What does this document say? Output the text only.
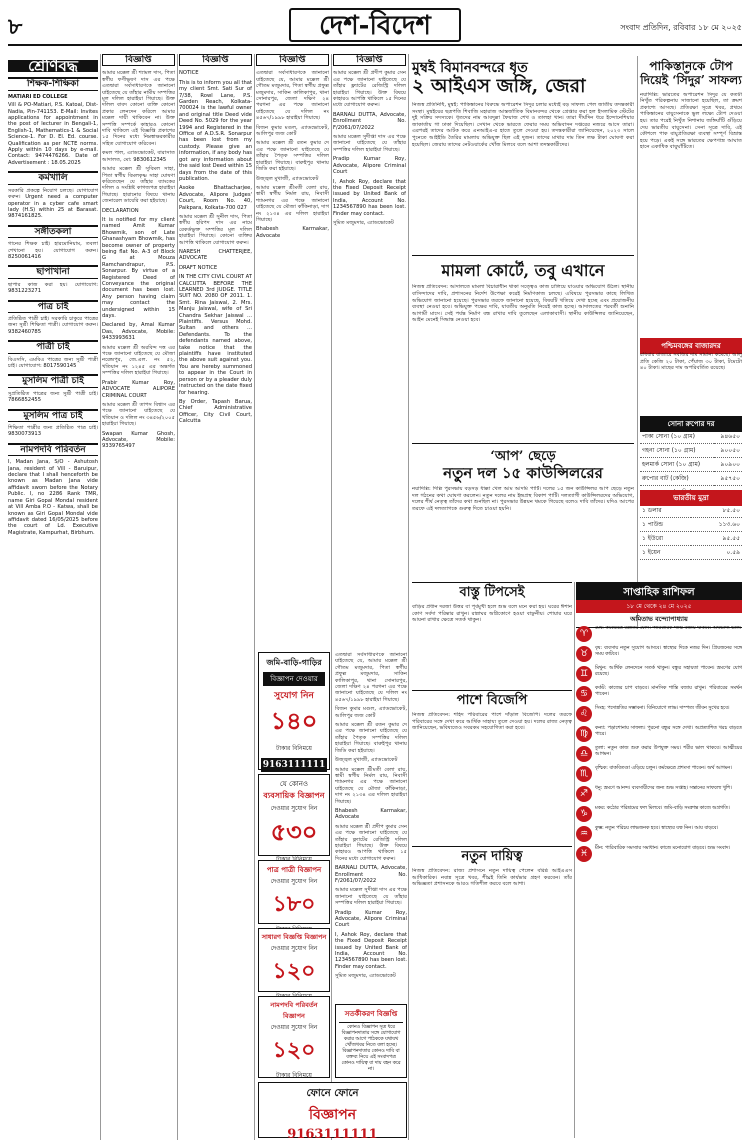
৮	দেশ-বিদেশ	সংবাদ প্রতিদিন, রবিবার ১৮ মে ২০২৫
শ্রেণিবদ্ধ
শিক্ষক-শিক্ষিকা
MATIARI ED COLLEGE

Vill & PO-Matiari, P.S. Katoal, Dist- Nadia, Pin-741153. E-Mail: Invites applications for appointment in the post of lecturer in Bengali-1, English-1, Mathematics-1 & Social Science-1. For D. El. Ed. course. Qualification as per NCTE norms. Apply within 10 days by e-mail. Contact: 9474476266. Date of Advertisement : 18.05.2025

কর্মখালি

সরকারি প্রকল্পে নিয়োগ চলছে। যোগাযোগ করুন। Urgent need a computer operator in a cyber cafe smart lady (H.S) within 25 at Barasat. 9874161825.

সঙ্গীতকলা

গানের শিক্ষক চাই। হারমোনিয়াম, তবলা শেখানো হয়। যোগাযোগ করুন। 8250061416

ছাপাখানা

ছাপার কাজ করা হয়। যোগাযোগ: 9831223271

পাত্র চাই

প্রতিষ্ঠিত পাত্রী চাই। সরকারি চাকুরে পাত্রের জন্য সুশ্রী শিক্ষিতা পাত্রী। যোগাযোগ করুন। 9382460785

পাত্রী চাই

বিএসসি, এমবিএ পাত্রের জন্য সুশ্রী পাত্রী চাই। যোগাযোগ: 8017590145

মুসলিম পাত্রী চাই

সুপ্রতিষ্ঠিত পাত্রের জন্য সুশ্রী পাত্রী চাই। 7866852455

মুসলিম পাত্র চাই

শিক্ষিতা পাত্রীর জন্য প্রতিষ্ঠিত পাত্র চাই। 9830073913

নামপদবি পরিবর্তন

I, Madan Jana, S/O - Ashutosh Jana, resident of Vill - Baruipur, declare that I shall henceforth be known as Madan Jana vide affidavit sworn before the Notary Public. I, no 2286 Rank TMR, name Giri Gopal Mondal resident at Vill Amba P.O - Katwa, shall be known as Giri Gopal Mondal vide affidavit dated 16/05/2025 before the court of Ld. Executive Magistrate, Kampurhat, Birbhum.

বিজ্ঞপ্তি

আমার মক্কেল শ্রী শ্যামল দাস, পিতা স্বর্গীয় ফণীভূষণ দাস এর পক্ষে এতদ্বারা সর্বসাধারণকে জানানো যাইতেছে যে তাঁহার নামীয় সম্পত্তির মূল দলিল হারাইয়া গিয়াছে। উক্ত দলিল বাবদ কোনো ব্যক্তি কোনো প্রকার লেনদেন করিলে আমার মক্কেল দায়ী থাকিবেন না। উক্ত সম্পত্তি সম্পর্কে কাহারও কোনো দাবি থাকিলে এই বিজ্ঞপ্তি প্রকাশের ১৫ দিনের মধ্যে নিম্নস্বাক্ষরকারীর সহিত যোগাযোগ করিবেন।

কমল পাল, এ্যাডভোকেট, বারাসাত আদালত, মো: 9830612345

আমার মক্কেল শ্রী সুবিমল সাহা, পিতা স্বর্গীয় বিমলকৃষ্ণ সাহা ঘোষণা করিতেছেন যে তাঁহার ব্যাংকের দলিল ও সংশ্লিষ্ট কাগজপত্র হারাইয়া গিয়াছে। হারানোর বিষয়ে থানায় জেনারেল ডায়েরি করা হইয়াছে।

DECLARATION

It is notified for my client named Amit Kumar Bhowmik, son of Late Ghanashyam Bhowmik, has become owner of property being flat No. A-3 of Block G at Mouza Ramchandrapur, P.S. Sonarpur. By virtue of a Registered Deed of Conveyance the original document has been lost. Any person having claim may contact the undersigned within 15 days.

Declared by, Amal Kumar Das, Advocate, Mobile: 9433993631

আমার মক্কেল শ্রী অরবিন্দ দত্ত এর পক্ষে জানানো যাইতেছে যে মৌজা নরেন্দ্রপুর, জে.এল. নং ৫২, খতিয়ান নং ১২৪৫ এর অন্তর্গত সম্পত্তির দলিল হারাইয়া গিয়াছে।

Prabir Kumar Roy, ADVOCATE ALIPORE CRIMINAL COURT

আমার মক্কেল শ্রী তাপস বিশ্বাস এর পক্ষে জানানো যাইতেছে যে খতিয়ান ও দলিল নং ৩৪৫৬/২০০৫ হারাইয়া গিয়াছে।

Swapan Kumar Ghosh, Advocate, Mobile: 9339765497

বিজ্ঞপ্তি

NOTICE

This is to inform you all that my client Smt. Sati Sur of 7/38, Rowl Lane, P.S. Garden Reach, Kolkata-700024 is the lawful owner and original title Deed vide Deed No. 5029 for the year 1994 and Registered in the Office of A.D.S.R. Sonarpur has been lost from my custody. Please give an information, if any body has got any information about the said lost Deed within 15 days from the date of this publication.

Asoke Bhattacharjee, Advocate, Alipore Judges' Court, Room No. 40, Paikpara, Kolkata-700 027

আমার মক্কেল শ্রী সুনীল দাস, পিতা স্বর্গীয় হরিপদ দাস এর নামে রেকর্ডভুক্ত সম্পত্তির মূল দলিল হারাইয়া গিয়াছে। কোনো ব্যক্তির আপত্তি থাকিলে যোগাযোগ করুন।

NARESH CHATTERJEE, ADVOCATE

DRAFT NOTICE

IN THE CITY CIVIL COURT AT CALCUTTA BEFORE THE LEARNED 3rd JUDGE. TITLE SUIT NO. 2080 OF 2011. 1. Smt. Rina Jaiswal, 2. Mrs. Manju Jaiswal, wife of Sri Chandra Sekhar Jaiswal ... Plaintiffs. Versus Mohd. Sultan and others ... Defendants. To the defendants named above, take notice that the plaintiffs have instituted the above suit against you. You are hereby summoned to appear in the Court in person or by a pleader duly instructed on the date fixed for hearing.

By Order, Tapash Barua, Chief Administrative Officer, City Civil Court, Calcutta

বিজ্ঞপ্তি

এতদ্বারা সর্বসাধারণকে জানানো যাইতেছে যে, আমার মক্কেল শ্রী গৌতম মজুমদার, পিতা স্বর্গীয় প্রফুল্ল মজুমদার, সাকিন কালিকাপুর, থানা সোনারপুর, জেলা দক্ষিণ ২৪ পরগনা এর পক্ষে জানানো যাইতেছে যে দলিল নং ৪৫৬৭/১৯৯৮ হারাইয়া গিয়াছে।

বিজন কুমার মণ্ডল, এ্যাডভোকেট, আলিপুর জজ কোর্ট

আমার মক্কেল শ্রী রতন কুমার দে এর পক্ষে জানানো যাইতেছে যে তাঁহার পৈতৃক সম্পত্তির দলিল হারাইয়া গিয়াছে। বারুইপুর থানায় জিডি করা হইয়াছে।

উজ্জ্বল মুখার্জী, এ্যাডভোকেট

আমার মক্কেল শ্রীমতী বেলা রায়, স্বামী স্বর্গীয় নির্মল রায়, নিবাসী শ্যামনগর এর পক্ষে জানানো যাইতেছে যে মৌজা কাঁকিনাড়া, দাগ নং ২১৩৪ এর দলিল হারাইয়া গিয়াছে।

Bhabesh Karmakar, Advocate

বিজ্ঞপ্তি

আমার মক্কেল শ্রী প্রদীপ কুমার সেন এর পক্ষে জানানো যাইতেছে যে তাঁহার ফ্ল্যাটের রেজিস্ট্রি দলিল হারাইয়া গিয়াছে। উক্ত বিষয়ে কাহারও আপত্তি থাকিলে ১৫ দিনের মধ্যে যোগাযোগ করুন।

BARNALI DUTTA, Advocate, Enrollment No. F/2061/07/2022

আমার মক্কেল সুদীপ্তা দাস এর পক্ষে জানানো যাইতেছে যে তাঁহার সম্পত্তির দলিল হারাইয়া গিয়াছে।

Pradip Kumar Roy, Advocate, Alipore Criminal Court

I, Ashok Roy, declare that the Fixed Deposit Receipt issued by United Bank of India, Account No. 1234567890 has been lost. Finder may contact.

সুমিত মজুমদার, এ্যাডভোকেট

জমি-বাড়ি-গাড়ির
বিজ্ঞাপন দেওয়ার
সুযোগ নিন
১৪০
টাকার বিনিময়ে
9163111111
যে কোনও
ব্যবসায়িক বিজ্ঞাপন
দেওয়ার সুযোগ নিন
৫৩০
পাত্র পাত্রী বিজ্ঞাপন
দেওয়ার সুযোগ নিন
১৮০
সাধারণ বিজ্ঞপ্তি বিজ্ঞাপন
দেওয়ার সুযোগ নিন
১২০
নামপদবি পরিবর্তন বিজ্ঞাপন
দেওয়ার সুযোগ নিন
১২০
টাকার বিনিময়ে
সতর্কীকরণ বিজ্ঞপ্তি
কোনও বিজ্ঞাপন সূত্র ধরে বিজ্ঞাপনদাতার সঙ্গে যোগাযোগ করার আগে পাঠককে যথাযথ খোঁজখবর নিতে বলা হচ্ছে। বিজ্ঞাপনদাতার কোনও দাবি বা বক্তব্য নিয়ে এই সংবাদপত্র কোনও দায়িত্ব বা দায় বহন করে না।
ফোনে ফোনে
বিজ্ঞাপন
9163111111

এতদ্বারা সর্বসাধারণকে জানানো যাইতেছে যে, আমার মক্কেল শ্রী গৌতম মজুমদার, পিতা স্বর্গীয় প্রফুল্ল মজুমদার, সাকিন কালিকাপুর, থানা সোনারপুর, জেলা দক্ষিণ ২৪ পরগনা এর পক্ষে জানানো যাইতেছে যে দলিল নং ৪৫৬৭/১৯৯৮ হারাইয়া গিয়াছে।

বিজন কুমার মণ্ডল, এ্যাডভোকেট, আলিপুর জজ কোর্ট

আমার মক্কেল শ্রী রতন কুমার দে এর পক্ষে জানানো যাইতেছে যে তাঁহার পৈতৃক সম্পত্তির দলিল হারাইয়া গিয়াছে। বারুইপুর থানায় জিডি করা হইয়াছে।

উজ্জ্বল মুখার্জী, এ্যাডভোকেট

আমার মক্কেল শ্রীমতী বেলা রায়, স্বামী স্বর্গীয় নির্মল রায়, নিবাসী শ্যামনগর এর পক্ষে জানানো যাইতেছে যে মৌজা কাঁকিনাড়া, দাগ নং ২১৩৪ এর দলিল হারাইয়া গিয়াছে।

Bhabesh Karmakar, Advocate

আমার মক্কেল শ্রী প্রদীপ কুমার সেন এর পক্ষে জানানো যাইতেছে যে তাঁহার ফ্ল্যাটের রেজিস্ট্রি দলিল হারাইয়া গিয়াছে। উক্ত বিষয়ে কাহারও আপত্তি থাকিলে ১৫ দিনের মধ্যে যোগাযোগ করুন।

BARNALI DUTTA, Advocate, Enrollment No. F/2061/07/2022

আমার মক্কেল সুদীপ্তা দাস এর পক্ষে জানানো যাইতেছে যে তাঁহার সম্পত্তির দলিল হারাইয়া গিয়াছে।

Pradip Kumar Roy, Advocate, Alipore Criminal Court

I, Ashok Roy, declare that the Fixed Deposit Receipt issued by United Bank of India, Account No. 1234567890 has been lost. Finder may contact.

সুমিত মজুমদার, এ্যাডভোকেট

মুম্বই বিমানবন্দরে ধৃত
২ আইএস জঙ্গি, জেরা
নিজস্ব প্রতিনিধি, মুম্বই: পাকিস্তানের বিরুদ্ধে অপারেশন সিঁদুর চলার মধ্যেই বড় সাফল্য পেল জাতীয় তদন্তকারী সংস্থা। মুম্বইয়ের ছত্রপতি শিবাজি মহারাজ আন্তর্জাতিক বিমানবন্দর থেকে গ্রেপ্তার করা হল ইসলামিক স্টেটের দুই সক্রিয় সদস্যকে। ধৃতদের নাম আবদুল্লা ফৈয়াজ শেখ ও তালহা খান। তারা দীর্ঘদিন ধরে ইন্দোনেশিয়ার জাকার্তায় গা ঢাকা দিয়েছিল। সেখান থেকে ভারতে ফেরার সময় অভিবাসন দপ্তরের নজরে আসে তারা। এরপরই তাদের আটক করে এনআইএ-র হাতে তুলে দেওয়া হয়। তদন্তকারীরা জানিয়েছেন, ২০২৩ সালে পুনেতে আইইডি তৈরির মামলায় অভিযুক্ত ছিল এই দুজন। তাদের মাথার দাম তিন লক্ষ টাকা ঘোষণা করা হয়েছিল। জেরায় তাদের নেটওয়ার্কের খোঁজ মিলবে বলে আশা তদন্তকারীদের।
পাকিস্তানকে টোপ দিয়েই ‘সিঁদুর’ সাফল্য
নয়াদিল্লি: ভারতের অপারেশন সিঁদুর যে কতটা নিখুঁত পরিকল্পনায় সাজানো হয়েছিল, তা ক্রমশ প্রকাশ্যে আসছে। প্রতিরক্ষা সূত্রে খবর, প্রথমে পাকিস্তানের বায়ুসেনাকে ভুল লক্ষ্যে টোপ দেওয়া হয়। তার পরেই নিখুঁত নিশানায় জঙ্গিঘাঁটি গুঁড়িয়ে দেয় ভারতীয় বায়ুসেনা। সেনা সূত্রে দাবি, এই কৌশলে পাক বায়ুপ্রতিরক্ষা ব্যবস্থা সম্পূর্ণ বিভ্রান্ত হয়ে পড়ে। একই সঙ্গে ভারতের ক্ষেপণাস্ত্র আঘাত হানে একাধিক বায়ুঘাঁটিতে।
মামলা কোর্টে, তবু এখানে
নিজস্ব প্রতিবেদন: আদালতে মামলা বিচারাধীন থাকা সত্ত্বেও কাজ চালিয়ে যাওয়ার অভিযোগ উঠল। স্থানীয় বাসিন্দাদের দাবি, প্রশাসনের নির্দেশ উপেক্ষা করেই নির্মাণকাজ চলছে। এবিষয়ে পুরসভার কাছে লিখিত অভিযোগ জানানো হয়েছে। পুরসভার তরফে জানানো হয়েছে, বিষয়টি খতিয়ে দেখা হচ্ছে এবং প্রয়োজনীয় ব্যবস্থা নেওয়া হবে। অভিযুক্ত পক্ষের দাবি, যাবতীয় অনুমতি নিয়েই কাজ হচ্ছে। আদালতের পরবর্তী শুনানি আগামী মাসে। সেই পর্যন্ত নির্মাণ বন্ধ রাখার দাবি তুলেছেন এলাকাবাসী। স্থানীয় কাউন্সিলর জানিয়েছেন, আইন মেনেই সিদ্ধান্ত নেওয়া হবে।
পশ্চিমবঙ্গের বাজারদর
রবিবার বাজারে সবজির দাম সামান্য কমেছে। আলু প্রতি কেজি ২০ টাকা, পেঁয়াজ ৩০ টাকা, টমেটো ৪০ টাকা। মাছের দাম অপরিবর্তিত রয়েছে।
সোনা রুপোর দর
পাকা সোনা (১০ গ্রাম)	৯৪৬৫০
গহনা সোনা (১০ গ্রাম)	৯০০৫০
হলমার্ক সোনা (১০ গ্রাম)	৯০৯০০
রুপোর বাট (কেজি)	৯৫৭৫০

ভারতীয় মুদ্রা
১ ডলার	৮৫.৫০
১ পাউন্ড	১১৩.৬০
১ ইউরো	৯৫.৫৫
১ ইয়েন	০.৫৯
‘আপ’ ছেড়ে
নতুন দল ১৫ কাউন্সিলরের
নয়াদিল্লি: দিল্লি পুরসভায় বড়সড় ধাক্কা খেল আম আদমি পার্টি। দলের ১৫ জন কাউন্সিলর আপ ছেড়ে নতুন দল গঠনের কথা ঘোষণা করলেন। নতুন দলের নাম ইন্দ্রপ্রস্থ বিকাশ পার্টি। দলত্যাগী কাউন্সিলরদের অভিযোগ, দলের শীর্ষ নেতৃত্ব তাঁদের কথা শুনছিল না। পুরসভার উন্নয়ন থমকে গিয়েছে বলেও দাবি তাঁদের। যদিও আপের তরফে এই দলত্যাগকে গুরুত্ব দিতে চাওয়া হয়নি।
সাপ্তাহিক রাশিফল
১৮ মে থেকে ২৪ মে ২০২৫
অমিতাভ বন্দ্যোপাধ্যায়
♈
মেষ: কর্মক্ষেত্রে উন্নতির যোগ। পারিবারিক শান্তি বজায় থাকবে। অর্থভাগ্য ভাল।
♉
বৃষ: ব্যবসায় নতুন সুযোগ আসবে। স্বাস্থ্যের দিকে নজর দিন। প্রিয়জনের সঙ্গে সময় কাটবে।
♊
মিথুন: আর্থিক লেনদেনে সতর্ক থাকুন। বন্ধুর সহায়তা পাবেন। ভ্রমণের যোগ রয়েছে।
♋
কর্কট: কাজের চাপ বাড়বে। মানসিক শান্তি বজায় রাখুন। পরিবারের সমর্থন পাবেন।
♌
সিংহ: পদোন্নতির সম্ভাবনা। বিনিয়োগে লাভ। দাম্পত্য জীবন সুখের হবে।
♍
কন্যা: পড়াশোনায় সাফল্য। পুরনো বন্ধুর সঙ্গে দেখা। অপ্রত্যাশিত খরচ বাড়তে পারে।
♎
তুলা: নতুন কাজ শুরু করার উপযুক্ত সময়। শরীর ভাল থাকবে। আত্মীয়ের আগমন।
♏
বৃশ্চিক: বাকবিতণ্ডা এড়িয়ে চলুন। কর্মক্ষেত্রে প্রশংসা পাবেন। অর্থ আগমন।
♐
ধনু: ভ্রমণে আনন্দ। ব্যবসায়ীদের জন্য শুভ সপ্তাহ। সন্তানের সাফল্যে খুশি।
♑
মকর: কঠোর পরিশ্রমের ফল মিলবে। জমি-বাড়ি সংক্রান্ত কাজে অগ্রগতি।
♒
কুম্ভ: নতুন পরিচয় লাভজনক হবে। স্বাস্থ্যের যত্ন নিন। আয় বাড়বে।
♓
মীন: পারিবারিক সমস্যার সমাধান। কাজে মনোযোগ বাড়বে। শুভ সংবাদ।
বাস্তু টিপসেই
বাড়ির প্রধান দরজা উত্তর বা পূর্বমুখী হলে শুভ বলে মনে করা হয়। ঘরের ঈশান কোণ সর্বদা পরিষ্কার রাখুন। রান্নাঘর অগ্নিকোণে হওয়া বাঞ্ছনীয়। শোয়ার ঘরে আয়না রাখার ক্ষেত্রে সতর্ক থাকুন।
পাশে বিজেপি
নিজস্ব প্রতিবেদন: শহিদ পরিবারের পাশে দাঁড়াল বিজেপি। দলের তরফে পরিবারের সঙ্গে দেখা করে আর্থিক সাহায্য তুলে দেওয়া হয়। দলের রাজ্য নেতৃত্ব জানিয়েছেন, ভবিষ্যতেও সবরকম সহযোগিতা করা হবে।
নতুন দায়িত্ব
নিজস্ব প্রতিবেদন: রাজ্য প্রশাসনে নতুন দায়িত্ব পেলেন বরিষ্ঠ আইএএস আধিকারিক। নবান্ন সূত্রে খবর, শীঘ্রই তিনি কার্যভার গ্রহণ করবেন। তাঁর অভিজ্ঞতা প্রশাসনকে আরও গতিশীল করবে বলে আশা।
